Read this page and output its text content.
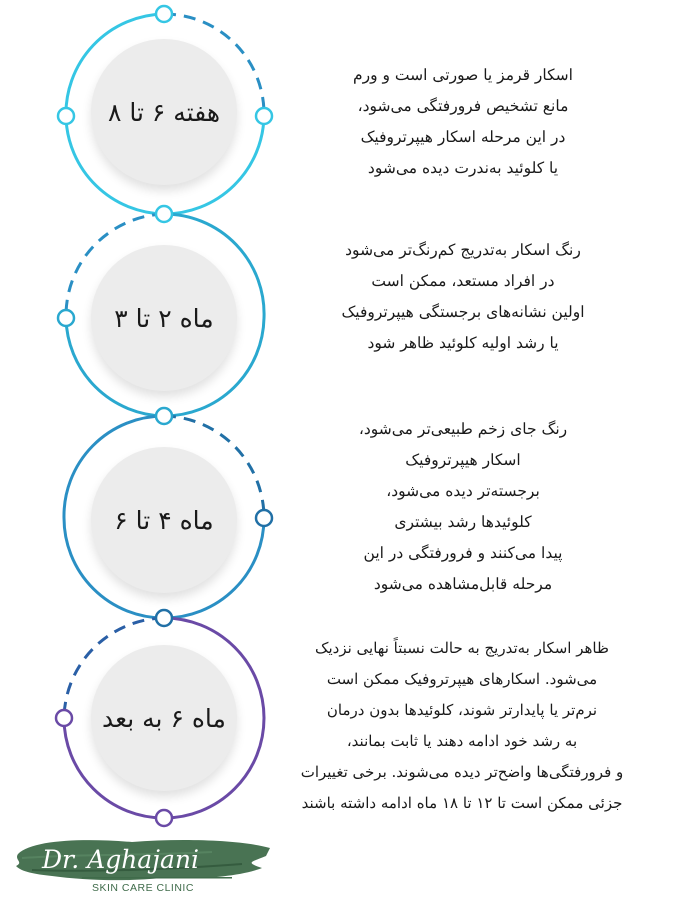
هفته ۶ تا ۸
ماه ۲ تا ۳
ماه ۴ تا ۶
ماه ۶ به بعد
اسکار قرمز یا صورتی است و ورم
مانع تشخیص فرورفتگی می‌شود،
در این مرحله اسکار هیپرتروفیک
یا کلوئید به‌ندرت دیده می‌شود
رنگ اسکار به‌تدریج کم‌رنگ‌تر می‌شود
در افراد مستعد، ممکن است
اولین نشانه‌های برجستگی هیپرتروفیک
یا رشد اولیه کلوئید ظاهر شود
رنگ جای زخم طبیعی‌تر می‌شود،
اسکار هیپرتروفیک
برجسته‌تر دیده می‌شود،
کلوئیدها رشد بیشتری
پیدا می‌کنند و فرورفتگی در این
مرحله قابل‌مشاهده می‌شود
ظاهر اسکار به‌تدریج به حالت نسبتاً نهایی نزدیک
می‌شود. اسکارهای هیپرتروفیک ممکن است
نرم‌تر یا پایدارتر شوند، کلوئیدها بدون درمان
به رشد خود ادامه دهند یا ثابت بمانند،
و فرورفتگی‌ها واضح‌تر دیده می‌شوند. برخی تغییرات
جزئی ممکن است تا ۱۲ تا ۱۸ ماه ادامه داشته باشند
Dr. Aghajani
SKIN CARE CLINIC
